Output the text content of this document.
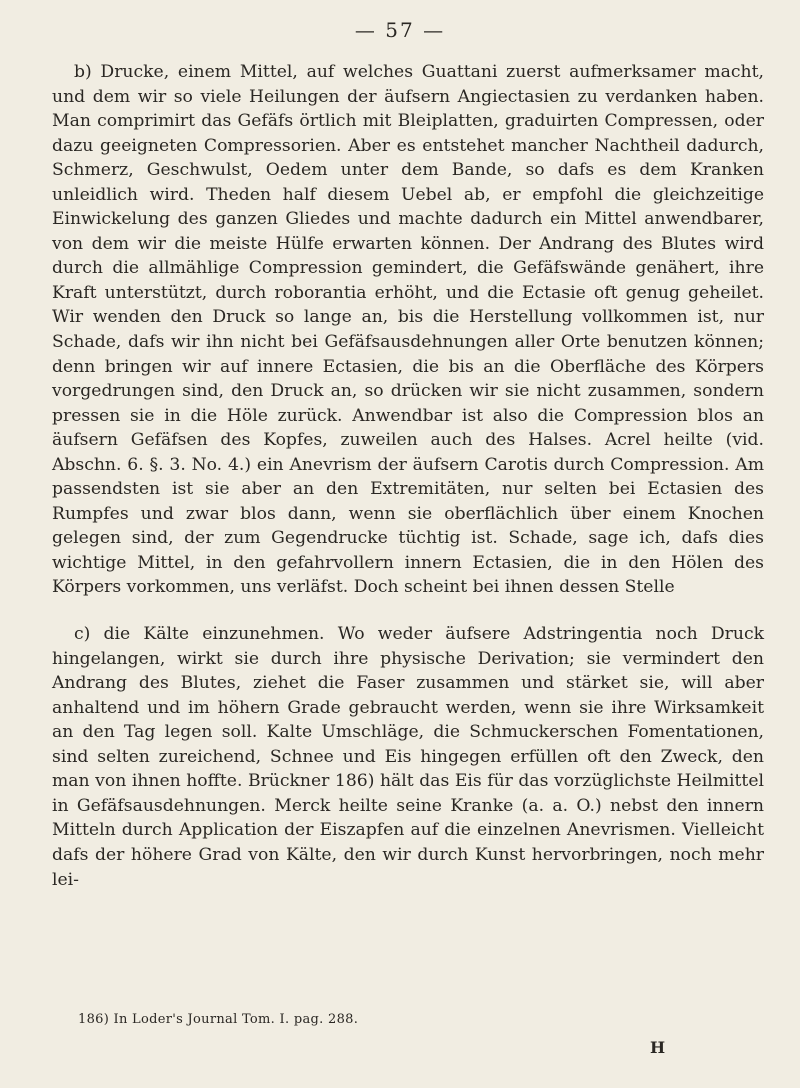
— 57 —

b) Drucke, einem Mittel, auf welches Guattani zuerst aufmerksamer macht, und dem wir so viele Heilungen der äufsern Angiectasien zu verdanken haben. Man comprimirt das Gefäfs örtlich mit Bleiplatten, graduirten Compressen, oder dazu geeigneten Compressorien. Aber es entstehet mancher Nachtheil dadurch, Schmerz, Geschwulst, Oedem unter dem Bande, so dafs es dem Kranken unleidlich wird. Theden half diesem Uebel ab, er empfohl die gleichzeitige Einwickelung des ganzen Gliedes und machte dadurch ein Mittel anwendbarer, von dem wir die meiste Hülfe erwarten können. Der Andrang des Blutes wird durch die allmählige Compression gemindert, die Gefäfswände genähert, ihre Kraft unterstützt, durch roborantia erhöht, und die Ectasie oft genug geheilet. Wir wenden den Druck so lange an, bis die Herstellung vollkommen ist, nur Schade, dafs wir ihn nicht bei Gefäfsausdehnungen aller Orte benutzen können; denn bringen wir auf innere Ectasien, die bis an die Oberfläche des Körpers vorgedrungen sind, den Druck an, so drücken wir sie nicht zusammen, sondern pressen sie in die Höle zurück. Anwendbar ist also die Compression blos an äufsern Gefäfsen des Kopfes, zuweilen auch des Halses. Acrel heilte (vid. Abschn. 6. §. 3. No. 4.) ein Anevrism der äufsern Carotis durch Compression. Am passendsten ist sie aber an den Extremitäten, nur selten bei Ectasien des Rumpfes und zwar blos dann, wenn sie oberflächlich über einem Knochen gelegen sind, der zum Gegendrucke tüchtig ist. Schade, sage ich, dafs dies wichtige Mittel, in den gefahrvollern innern Ectasien, die in den Hölen des Körpers vorkommen, uns verläfst. Doch scheint bei ihnen dessen Stelle

c) die Kälte einzunehmen. Wo weder äufsere Adstringentia noch Druck hingelangen, wirkt sie durch ihre physische Derivation; sie vermindert den Andrang des Blutes, ziehet die Faser zusammen und stärket sie, will aber anhaltend und im höhern Grade gebraucht werden, wenn sie ihre Wirksamkeit an den Tag legen soll. Kalte Umschläge, die Schmuckerschen Fomentationen, sind selten zureichend, Schnee und Eis hingegen erfüllen oft den Zweck, den man von ihnen hoffte. Brückner 186) hält das Eis für das vorzüglichste Heilmittel in Gefäfsausdehnungen. Merck heilte seine Kranke (a. a. O.) nebst den innern Mitteln durch Application der Eiszapfen auf die einzelnen Anevrismen. Vielleicht dafs der höhere Grad von Kälte, den wir durch Kunst hervorbringen, noch mehr lei-

186) In Loder's Journal Tom. I. pag. 288.
H
